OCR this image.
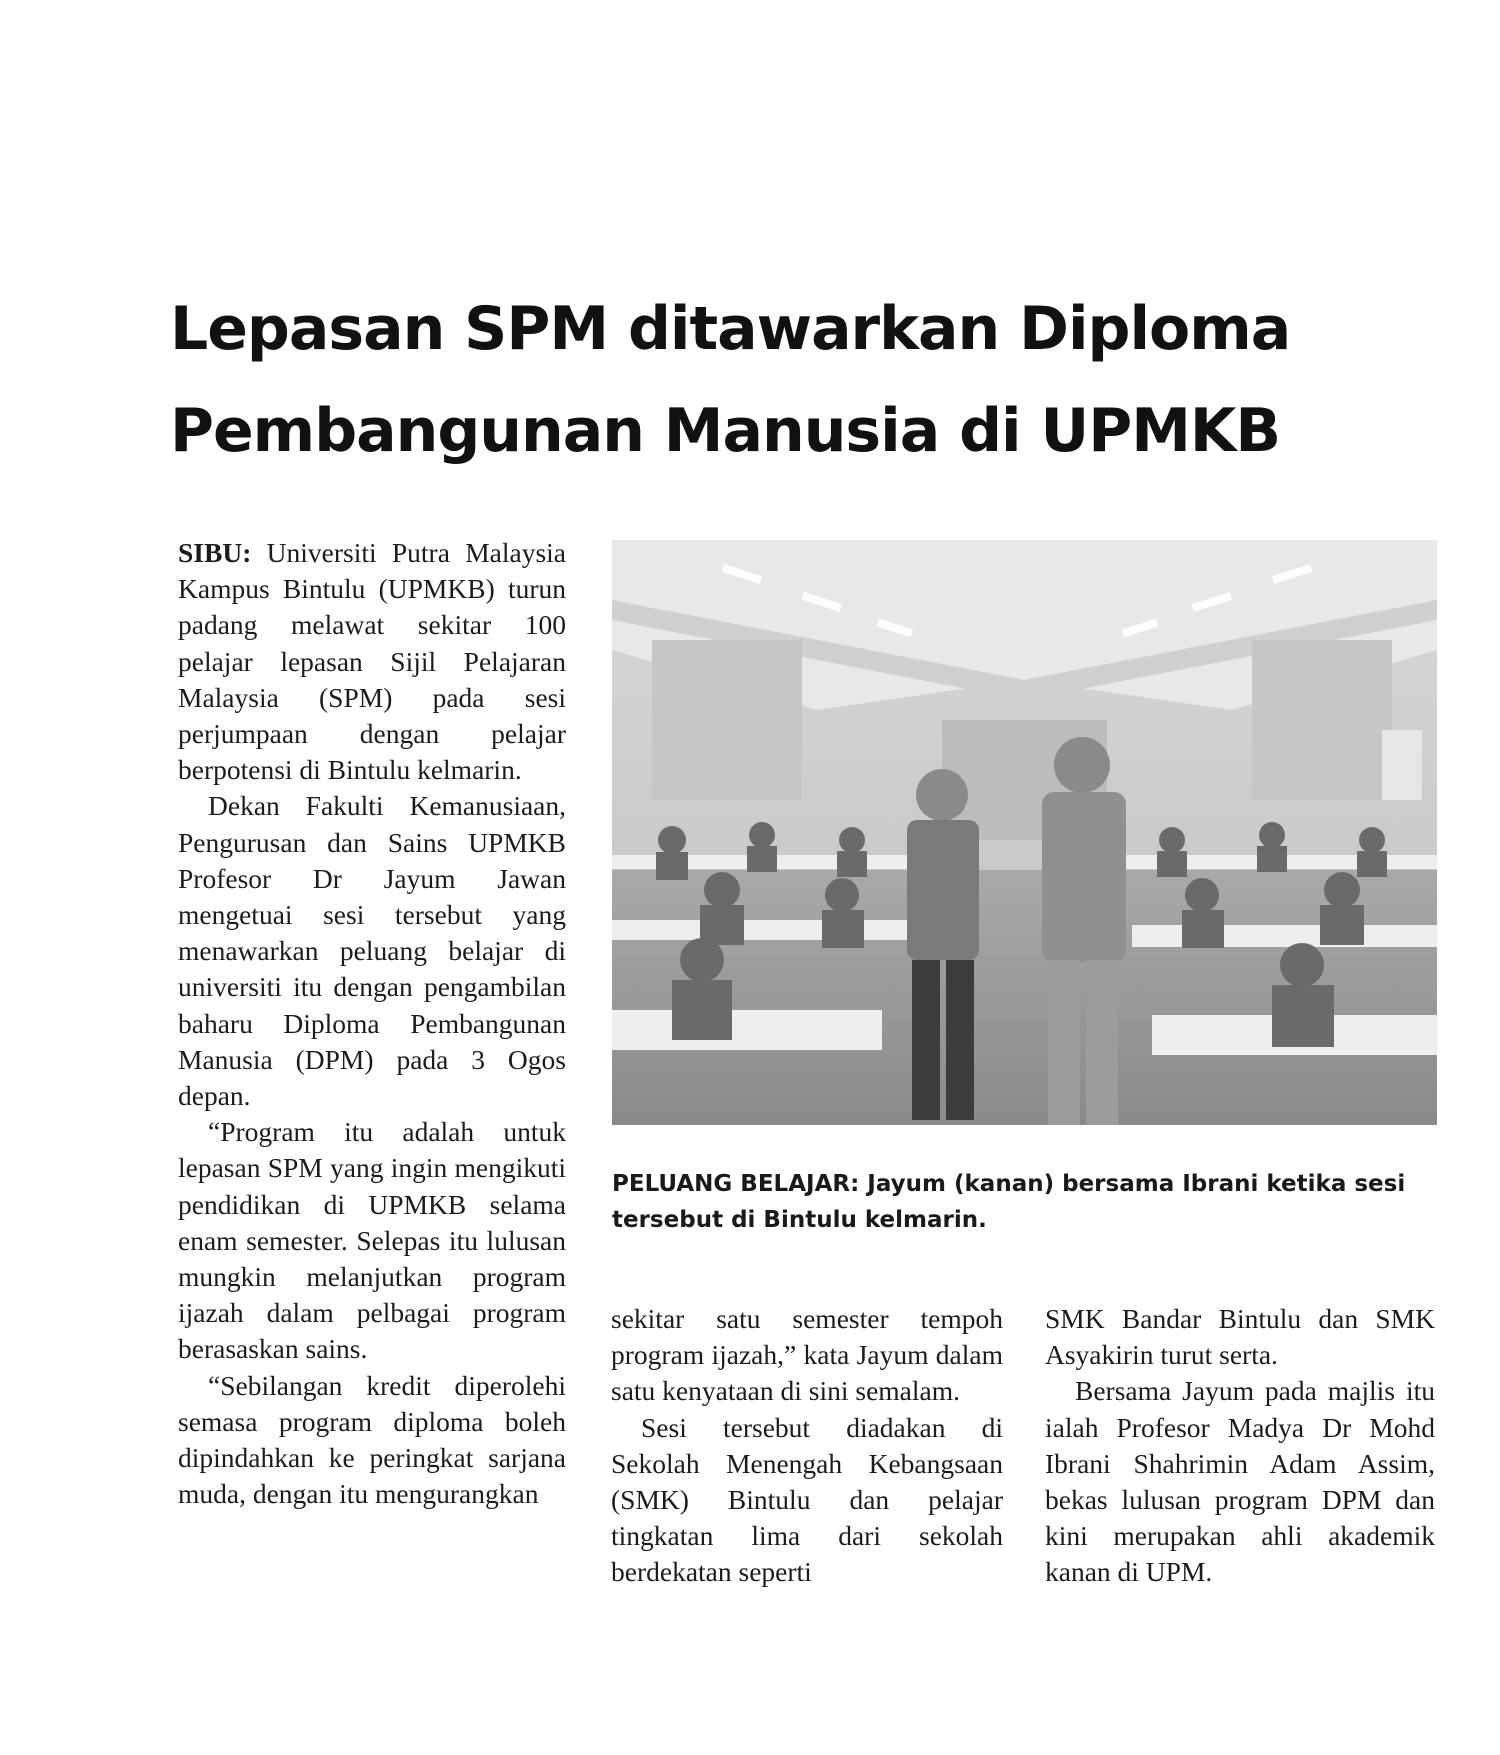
Lepasan SPM ditawarkan Diploma
Pembangunan Manusia di UPMKB

SIBU: Universiti Putra Malaysia Kampus Bintulu (UPMKB) turun padang melawat sekitar 100 pelajar lepasan Sijil Pelajaran Malaysia (SPM) pada sesi perjumpaan dengan pelajar berpotensi di Bintulu kelmarin.

Dekan Fakulti Kemanusiaan, Pengurusan dan Sains UPMKB Profesor Dr Jayum Jawan mengetuai sesi tersebut yang menawarkan peluang belajar di universiti itu dengan pengambilan baharu Diploma Pembangunan Manusia (DPM) pada 3 Ogos depan.

“Program itu adalah untuk lepasan SPM yang ingin mengikuti pendidikan di UPMKB selama enam semester. Selepas itu lulusan mungkin melanjutkan program ijazah dalam pelbagai program berasaskan sains.

“Sebilangan kredit diperolehi semasa program diploma boleh dipindahkan ke peringkat sarjana muda, dengan itu mengurangkan

PELUANG BELAJAR: Jayum (kanan) bersama Ibrani ketika sesi tersebut di Bintulu kelmarin.

sekitar satu semester tempoh program ijazah,” kata Jayum dalam satu kenyataan di sini semalam.

Sesi tersebut diadakan di Sekolah Menengah Kebangsaan (SMK) Bintulu dan pelajar tingkatan lima dari sekolah berdekatan seperti

SMK Bandar Bintulu dan SMK Asyakirin turut serta.

Bersama Jayum pada majlis itu ialah Profesor Madya Dr Mohd Ibrani Shahrimin Adam Assim, bekas lulusan program DPM dan kini merupakan ahli akademik kanan di UPM.
